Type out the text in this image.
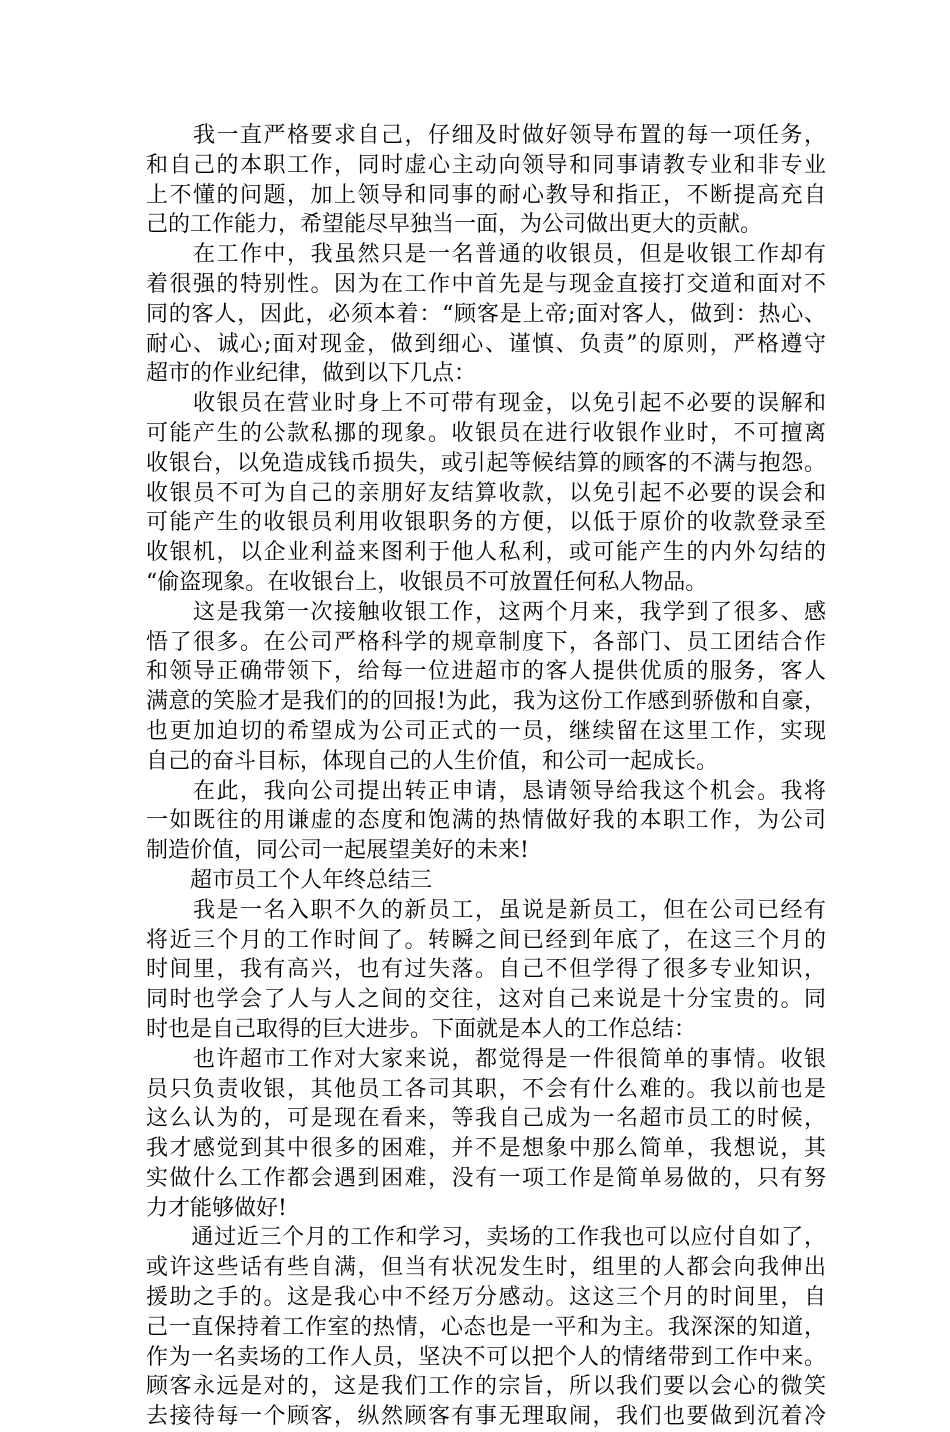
　　我一直严格要求自己，仔细及时做好领导布置的每一项任务，
和自己的本职工作，同时虚心主动向领导和同事请教专业和非专业
上不懂的问题，加上领导和同事的耐心教导和指正，不断提高充自
己的工作能力，希望能尽早独当一面，为公司做出更大的贡献。
　　在工作中，我虽然只是一名普通的收银员，但是收银工作却有
着很强的特别性。因为在工作中首先是与现金直接打交道和面对不
同的客人，因此，必须本着：“顾客是上帝;面对客人，做到：热心、
耐心、诚心;面对现金，做到细心、谨慎、负责”的原则，严格遵守
超市的作业纪律，做到以下几点：
　　收银员在营业时身上不可带有现金，以免引起不必要的误解和
可能产生的公款私挪的现象。收银员在进行收银作业时，不可擅离
收银台，以免造成钱币损失，或引起等候结算的顾客的不满与抱怨。
收银员不可为自己的亲朋好友结算收款，以免引起不必要的误会和
可能产生的收银员利用收银职务的方便，以低于原价的收款登录至
收银机，以企业利益来图利于他人私利，或可能产生的内外勾结的
“偷盗现象。在收银台上，收银员不可放置任何私人物品。
　　这是我第一次接触收银工作，这两个月来，我学到了很多、感
悟了很多。在公司严格科学的规章制度下，各部门、员工团结合作
和领导正确带领下，给每一位进超市的客人提供优质的服务，客人
满意的笑脸才是我们的的回报!为此，我为这份工作感到骄傲和自豪，
也更加迫切的希望成为公司正式的一员，继续留在这里工作，实现
自己的奋斗目标，体现自己的人生价值，和公司一起成长。
　　在此，我向公司提出转正申请，恳请领导给我这个机会。我将
一如既往的用谦虚的态度和饱满的热情做好我的本职工作，为公司
制造价值，同公司一起展望美好的未来!
　　超市员工个人年终总结三
　　我是一名入职不久的新员工，虽说是新员工，但在公司已经有
将近三个月的工作时间了。转瞬之间已经到年底了，在这三个月的
时间里，我有高兴，也有过失落。自己不但学得了很多专业知识，
同时也学会了人与人之间的交往，这对自己来说是十分宝贵的。同
时也是自己取得的巨大进步。下面就是本人的工作总结：
　　也许超市工作对大家来说，都觉得是一件很简单的事情。收银
员只负责收银，其他员工各司其职，不会有什么难的。我以前也是
这么认为的，可是现在看来，等我自己成为一名超市员工的时候，
我才感觉到其中很多的困难，并不是想象中那么简单，我想说，其
实做什么工作都会遇到困难，没有一项工作是简单易做的，只有努
力才能够做好!
　　通过近三个月的工作和学习，卖场的工作我也可以应付自如了，
或许这些话有些自满，但当有状况发生时，组里的人都会向我伸出
援助之手的。这是我心中不经万分感动。这这三个月的时间里，自
己一直保持着工作室的热情，心态也是一平和为主。我深深的知道，
作为一名卖场的工作人员，坚决不可以把个人的情绪带到工作中来。
顾客永远是对的，这是我们工作的宗旨，所以我们要以会心的微笑
去接待每一个顾客，纵然顾客有事无理取闹，我们也要做到沉着冷
